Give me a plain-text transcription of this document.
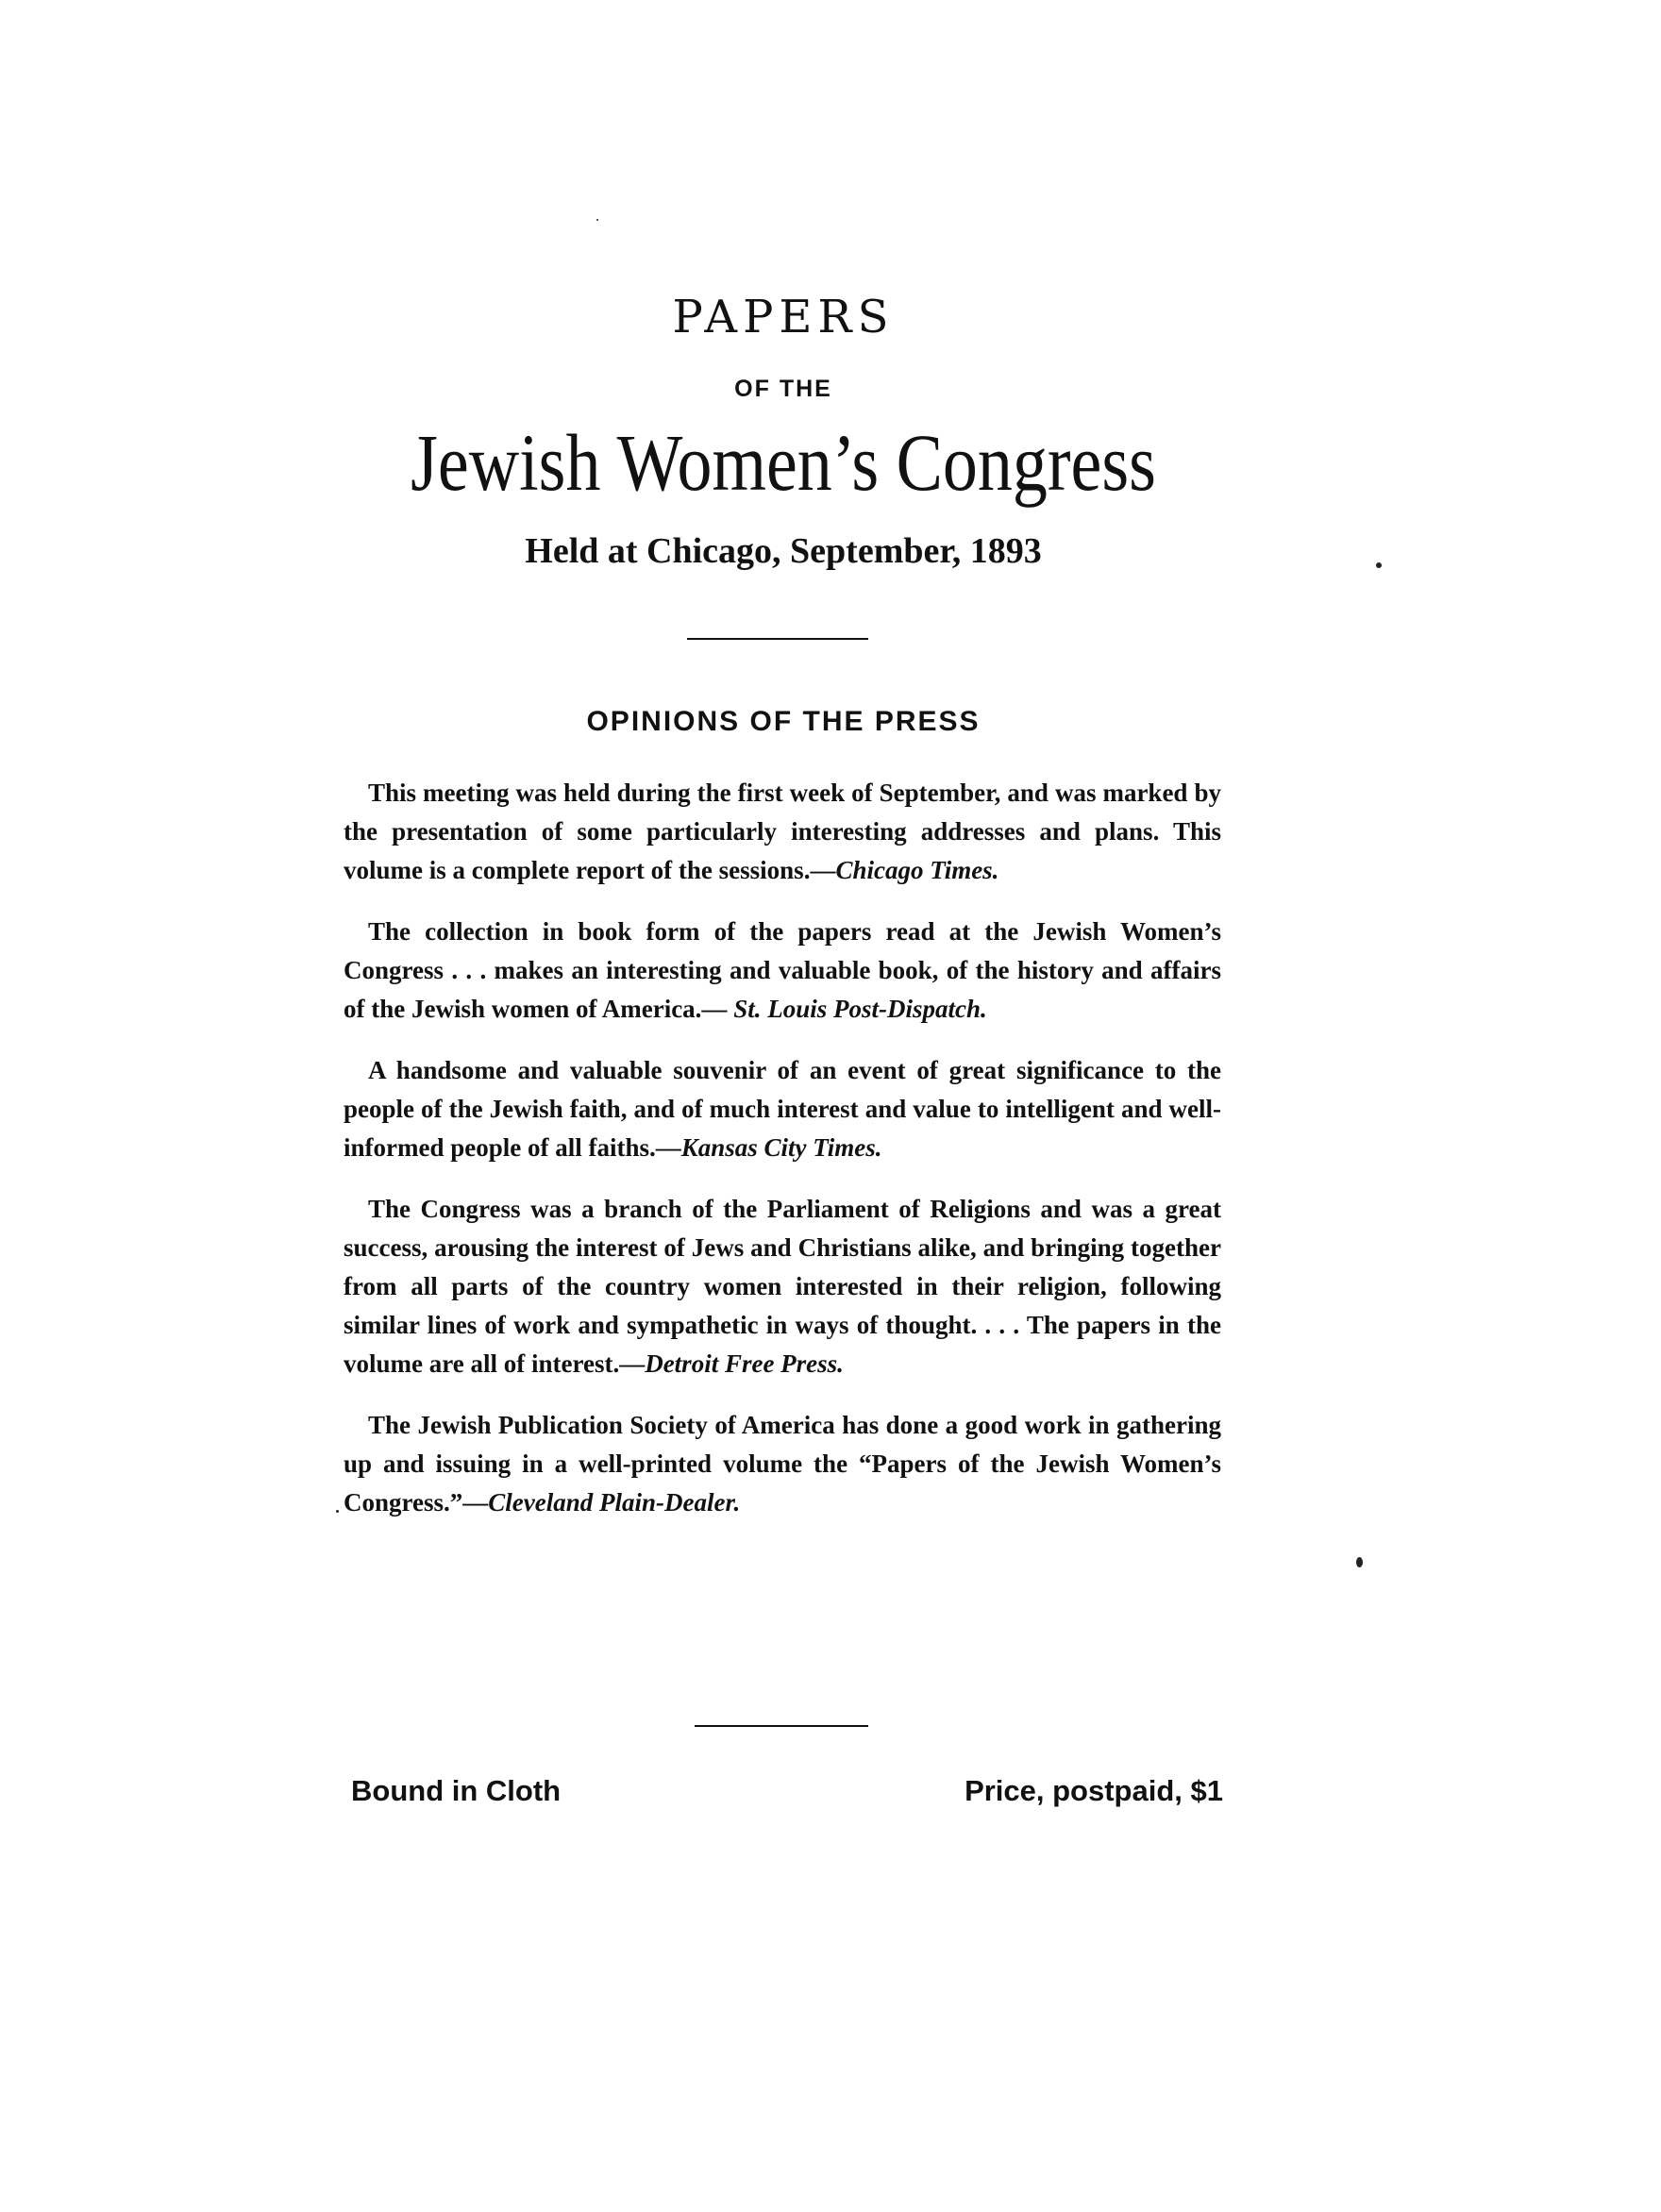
PAPERS
OF THE
Jewish Women’s Congress
Held at Chicago, September, 1893
OPINIONS OF THE PRESS

This meeting was held during the first week of September, and was marked by the presentation of some particularly interesting addresses and plans. This volume is a complete report of the sessions.—Chicago Times.

The collection in book form of the papers read at the Jewish Women’s Congress . . . makes an interesting and valuable book, of the history and affairs of the Jewish women of America.— St. Louis Post-Dispatch.

A handsome and valuable souvenir of an event of great significance to the people of the Jewish faith, and of much interest and value to intelligent and well-informed people of all faiths.—Kansas City Times.

The Congress was a branch of the Parliament of Religions and was a great success, arousing the interest of Jews and Christians alike, and bringing together from all parts of the country women interested in their religion, following similar lines of work and sympathetic in ways of thought. . . . The papers in the volume are all of interest.—Detroit Free Press.

The Jewish Publication Society of America has done a good work in gathering up and issuing in a well-printed volume the “Papers of the Jewish Women’s Congress.”—Cleveland Plain-Dealer.

Bound in Cloth	Price, postpaid, $1
